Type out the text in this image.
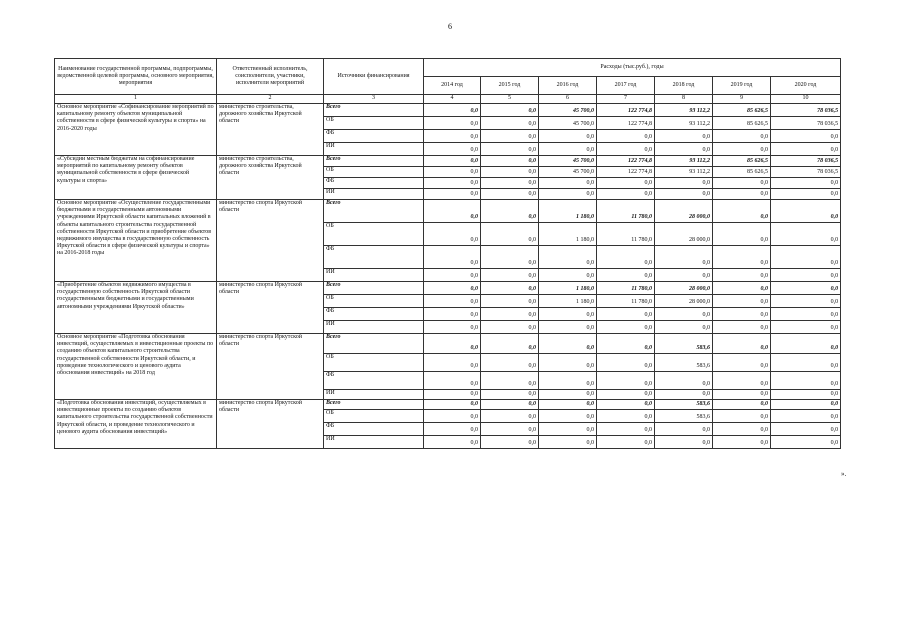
6
Наименование государственной программы, подпрограммы, ведомственной целевой программы, основного мероприятия, мероприятия	Ответственный исполнитель, соисполнители, участники, исполнители мероприятий	Источники финансирования	Расходы (тыс.руб.), годы						
			2014 год	2015 год	2016 год	2017 год	2018 год	2019 год	2020 год
1	2	3	4	5	6	7	8	9	10
Основное мероприятие «Софинансирование мероприятий по капитальному ремонту объектов муниципальной собственности в сфере физической культуры и спорта» на 2016-2020 годы	министерство строительства, дорожного хозяйства Иркутской области	Всего	0,0	0,0	45 700,0	122 774,8	93 112,2	85 626,5	78 036,5
		ОБ	0,0	0,0	45 700,0	122 774,8	93 112,2	85 626,5	78 036,5
		ФБ	0,0	0,0	0,0	0,0	0,0	0,0	0,0
		ИИ	0,0	0,0	0,0	0,0	0,0	0,0	0,0
«Субсидии местным бюджетам на софинансирование мероприятий по капитальному ремонту объектов муниципальной собственности в сфере физической культуры и спорта»	министерство строительства, дорожного хозяйства Иркутской области	Всего	0,0	0,0	45 700,0	122 774,8	93 112,2	85 626,5	78 036,5
		ОБ	0,0	0,0	45 700,0	122 774,8	93 112,2	85 626,5	78 036,5
		ФБ	0,0	0,0	0,0	0,0	0,0	0,0	0,0
		ИИ	0,0	0,0	0,0	0,0	0,0	0,0	0,0
Основное мероприятие «Осуществление государственными бюджетными и государственными автономными учреждениями Иркутской области капитальных вложений в объекты капитального строительства государственной собственности Иркутской области и приобретение объектов недвижимого имущества в государственную собственность Иркутской области в сфере физической культуры и спорта» на 2016-2018 годы	министерство спорта Иркутской области	Всего	0,0	0,0	1 180,0	11 780,0	28 000,0	0,0	0,0
		ОБ	0,0	0,0	1 180,0	11 780,0	28 000,0	0,0	0,0
		ФБ	0,0	0,0	0,0	0,0	0,0	0,0	0,0
		ИИ	0,0	0,0	0,0	0,0	0,0	0,0	0,0
«Приобретение объектов недвижимого имущества в государственную собственность Иркутской области государственными бюджетными и государственными автономными учреждениями Иркутской области»	министерство спорта Иркутской области	Всего	0,0	0,0	1 180,0	11 780,0	28 000,0	0,0	0,0
		ОБ	0,0	0,0	1 180,0	11 780,0	28 000,0	0,0	0,0
		ФБ	0,0	0,0	0,0	0,0	0,0	0,0	0,0
		ИИ	0,0	0,0	0,0	0,0	0,0	0,0	0,0
Основное мероприятие «Подготовка обоснования инвестиций, осуществляемых в инвестиционные проекты по созданию объектов капитального строительства государственной собственности Иркутской области, и проведение технологического и ценового аудита обоснования инвестиций» на 2018 год	министерство спорта Иркутской области	Всего	0,0	0,0	0,0	0,0	583,6	0,0	0,0
		ОБ	0,0	0,0	0,0	0,0	583,6	0,0	0,0
		ФБ	0,0	0,0	0,0	0,0	0,0	0,0	0,0
		ИИ	0,0	0,0	0,0	0,0	0,0	0,0	0,0
«Подготовка обоснования инвестиций, осуществляемых в инвестиционные проекты по созданию объектов капитального строительства государственной собственности Иркутской области, и проведение технологического и ценового аудита обоснования инвестиций»	министерство спорта Иркутской области	Всего	0,0	0,0	0,0	0,0	583,6	0,0	0,0
		ОБ	0,0	0,0	0,0	0,0	583,6	0,0	0,0
		ФБ	0,0	0,0	0,0	0,0	0,0	0,0	0,0
		ИИ	0,0	0,0	0,0	0,0	0,0	0,0	0,0
».
